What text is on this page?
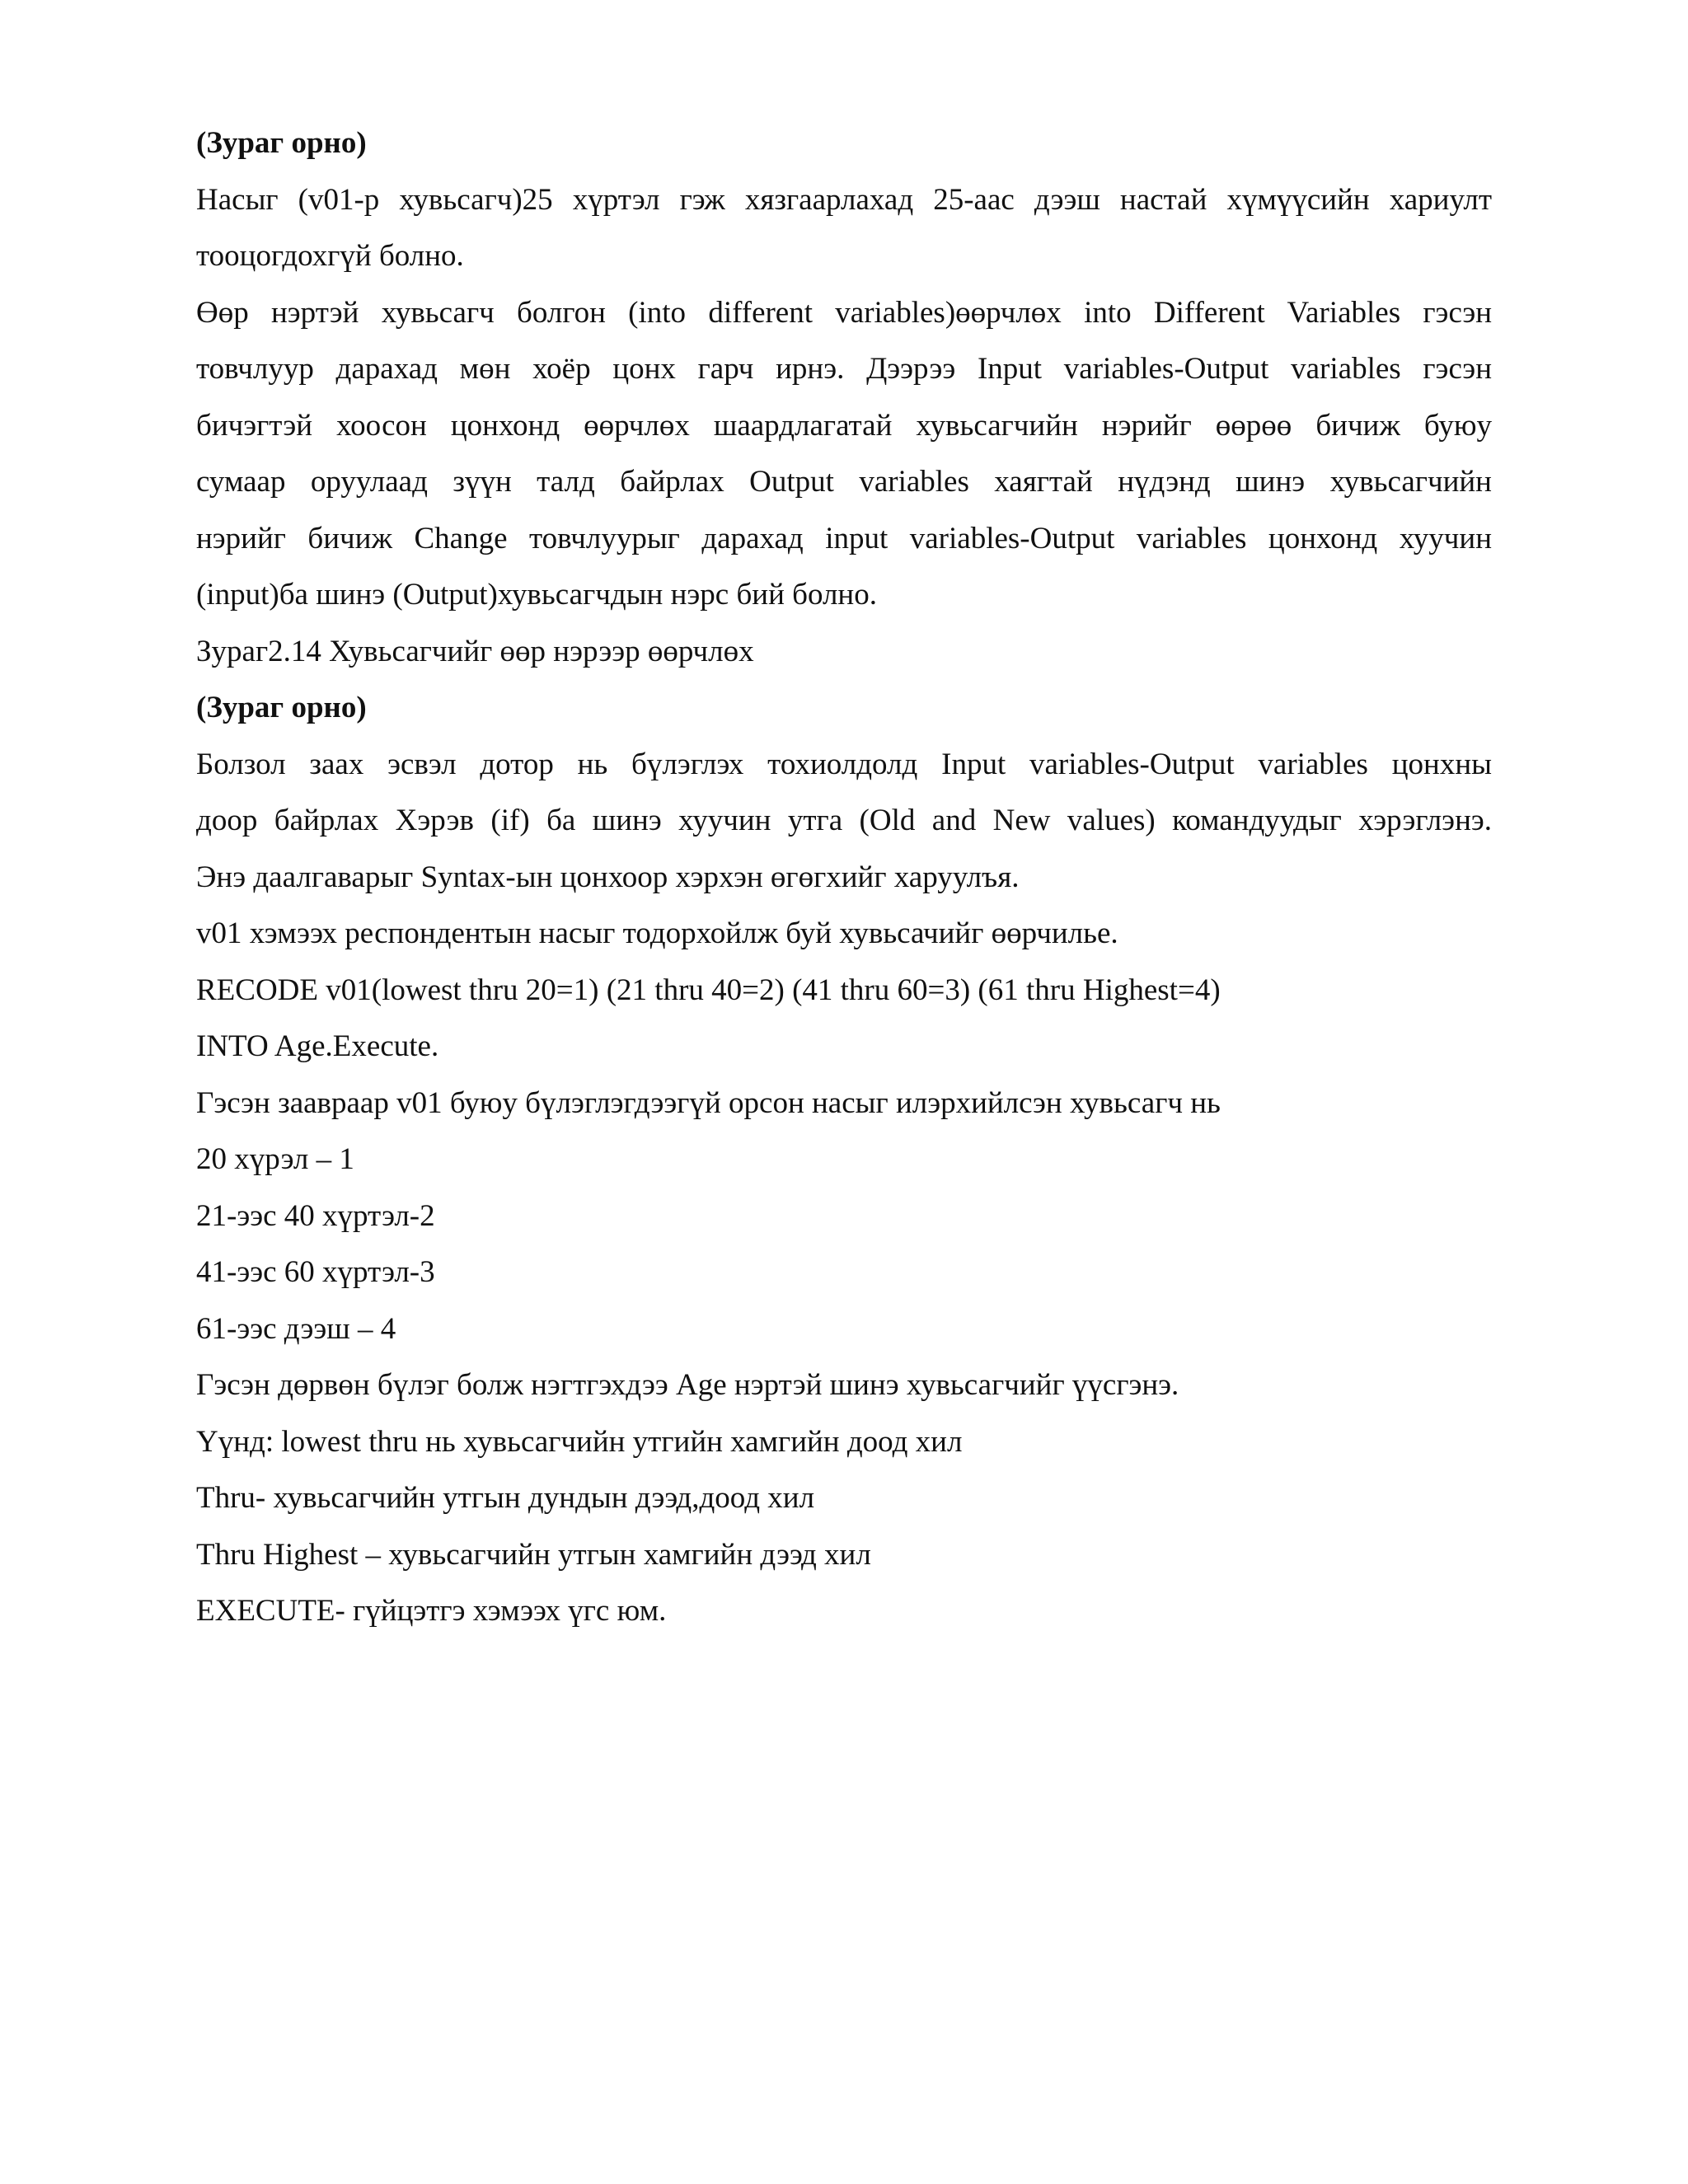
(Зураг орно)

Насыг (v01-р хувьсагч)25 хүртэл гэж хязгаарлахад 25-аас дээш настай хүмүүсийн хариулт

тооцогдохгүй болно.

Өөр нэртэй хувьсагч болгон (into different variables)өөрчлөх into Different Variables гэсэн

товчлуур дарахад мөн хоёр цонх гарч ирнэ. Дээрээ Input variables-Output variables гэсэн

бичэгтэй хоосон цонхонд өөрчлөх шаардлагатай хувьсагчийн нэрийг өөрөө бичиж буюу

сумаар оруулаад зүүн талд байрлах Output variables хаягтай нүдэнд шинэ хувьсагчийн

нэрийг бичиж Change товчлуурыг дарахад input variables-Output variables цонхонд хуучин

(input)ба шинэ (Output)хувьсагчдын нэрс бий болно.

Зураг2.14 Хувьсагчийг өөр нэрээр өөрчлөх

(Зураг орно)

Болзол заах эсвэл дотор нь бүлэглэх тохиолдолд Input variables-Output variables цонхны

доор байрлах Хэрэв (if) ба шинэ хуучин утга (Old and New values) командуудыг хэрэглэнэ.

Энэ даалгаварыг Syntax-ын цонхоор хэрхэн өгөгхийг харуулъя.

v01 хэмээх респондентын насыг тодорхойлж буй хувьсачийг өөрчилье.

RECODE v01(lowest thru 20=1) (21 thru 40=2) (41 thru 60=3) (61 thru Highest=4)

INTO Age.Execute.

Гэсэн зааврaар v01 буюу бүлэглэгдээгүй орсон насыг илэрхийлсэн хувьсагч нь

20 хүрэл – 1

21-ээс 40 хүртэл-2

41-ээс 60 хүртэл-3

61-ээс дээш – 4

Гэсэн дөрвөн бүлэг болж нэгтгэхдээ Age нэртэй шинэ хувьсагчийг үүсгэнэ.

Үүнд: lowest thru нь хувьсагчийн утгийн хамгийн доод хил

Thru- хувьсагчийн утгын дундын дээд,доод хил

Thru Highest – хувьсагчийн утгын хамгийн дээд хил

EXECUTE- гүйцэтгэ хэмээх үгс юм.
